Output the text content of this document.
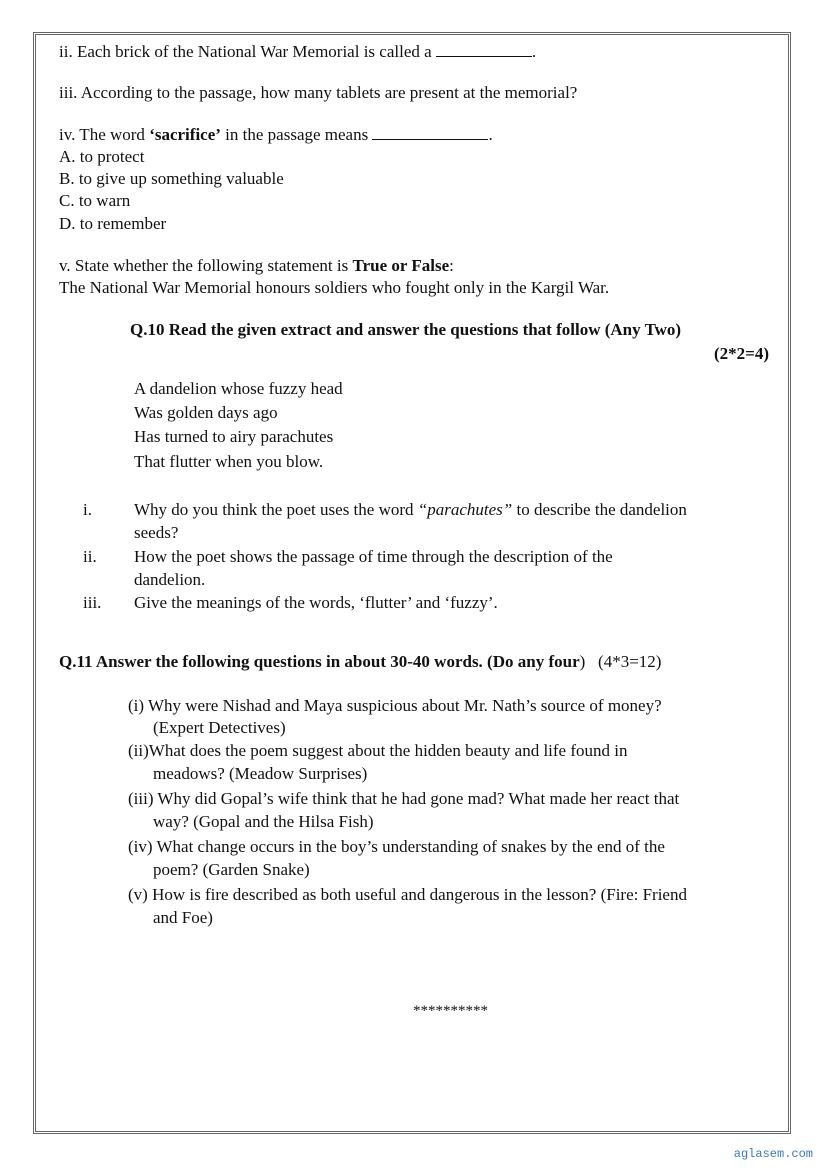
ii. Each brick of the National War Memorial is called a	.
iii. According to the passage, how many tablets are present at the memorial?
iv. The word ‘sacrifice’ in the passage means	.
A. to protect
B. to give up something valuable
C. to warn
D. to remember
v. State whether the following statement is True or False:
The National War Memorial honours soldiers who fought only in the Kargil War.
Q.10 Read the given extract and answer the questions that follow (Any Two)
(2*2=4)
A dandelion whose fuzzy head
Was golden days ago
Has turned to airy parachutes
That flutter when you blow.
i. Why do you think the poet uses the word “parachutes” to describe the dandelion
seeds?
ii. How the poet shows the passage of time through the description of the
dandelion.
iii. Give the meanings of the words, ‘flutter’ and ‘fuzzy’.
Q.11 Answer the following questions in about 30-40 words. (Do any four) (4*3=12)
(i) Why were Nishad and Maya suspicious about Mr. Nath’s source of money?
(Expert Detectives)
(ii)What does the poem suggest about the hidden beauty and life found in
meadows? (Meadow Surprises)
(iii) Why did Gopal’s wife think that he had gone mad? What made her react that
way? (Gopal and the Hilsa Fish)
(iv) What change occurs in the boy’s understanding of snakes by the end of the
poem? (Garden Snake)
(v) How is fire described as both useful and dangerous in the lesson? (Fire: Friend
and Foe)
**********
aglasem.com
